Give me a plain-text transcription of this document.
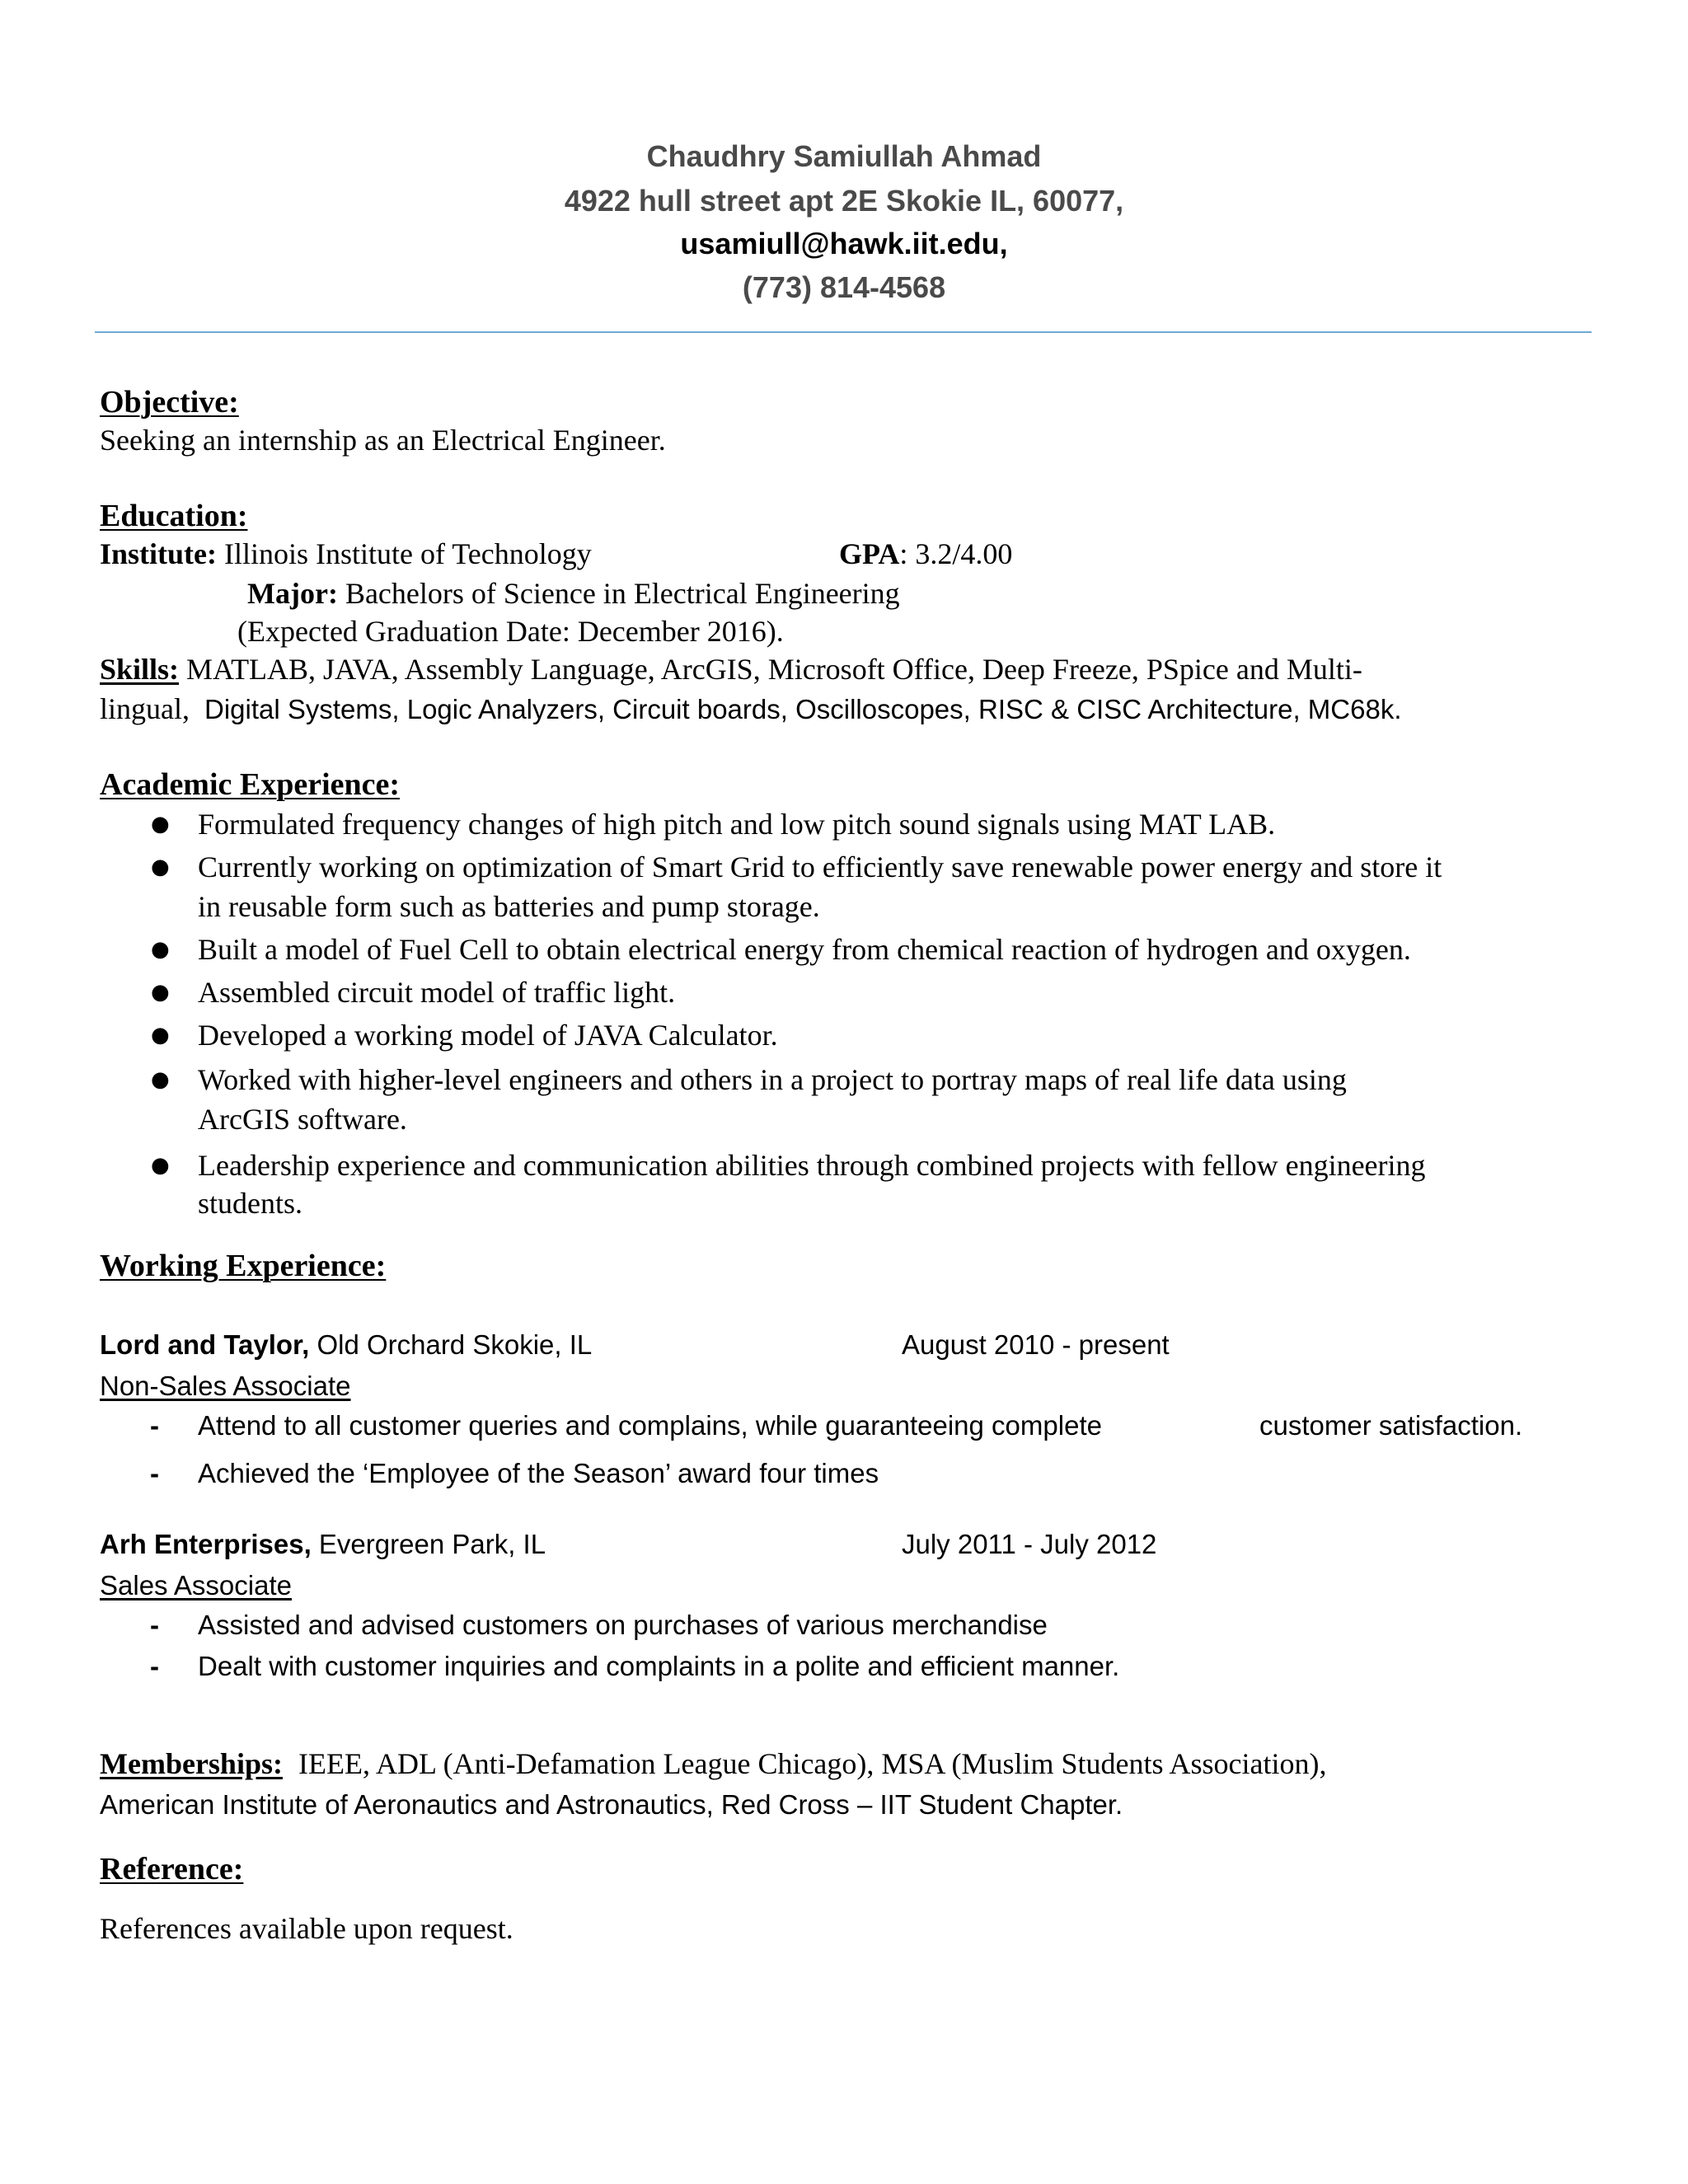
Chaudhry Samiullah Ahmad
4922 hull street apt 2E Skokie IL, 60077,
usamiull@hawk.iit.edu,
(773) 814-4568
Objective:
Seeking an internship as an Electrical Engineer.
Education:
Institute: Illinois Institute of Technology	GPA: 3.2/4.00
Major: Bachelors of Science in Electrical Engineering
(Expected Graduation Date: December 2016).
Skills: MATLAB, JAVA, Assembly Language, ArcGIS, Microsoft Office, Deep Freeze, PSpice and Multi-
lingual, Digital Systems, Logic Analyzers, Circuit boards, Oscilloscopes, RISC & CISC Architecture, MC68k.
Academic Experience:
● Formulated frequency changes of high pitch and low pitch sound signals using MAT LAB.
● Currently working on optimization of Smart Grid to efficiently save renewable power energy and store it
in reusable form such as batteries and pump storage.
● Built a model of Fuel Cell to obtain electrical energy from chemical reaction of hydrogen and oxygen.
● Assembled circuit model of traffic light.
● Developed a working model of JAVA Calculator.
● Worked with higher-level engineers and others in a project to portray maps of real life data using
ArcGIS software.
● Leadership experience and communication abilities through combined projects with fellow engineering
students.
Working Experience:
Lord and Taylor, Old Orchard Skokie, IL	August 2010 - present
Non-Sales Associate
- Attend to all customer queries and complains, while guaranteeing complete	customer satisfaction.
- Achieved the ‘Employee of the Season’ award four times
Arh Enterprises, Evergreen Park, IL	July 2011 - July 2012
Sales Associate
- Assisted and advised customers on purchases of various merchandise
- Dealt with customer inquiries and complaints in a polite and efficient manner.
Memberships: IEEE, ADL (Anti-Defamation League Chicago), MSA (Muslim Students Association),
American Institute of Aeronautics and Astronautics, Red Cross – IIT Student Chapter.
Reference:
References available upon request.
